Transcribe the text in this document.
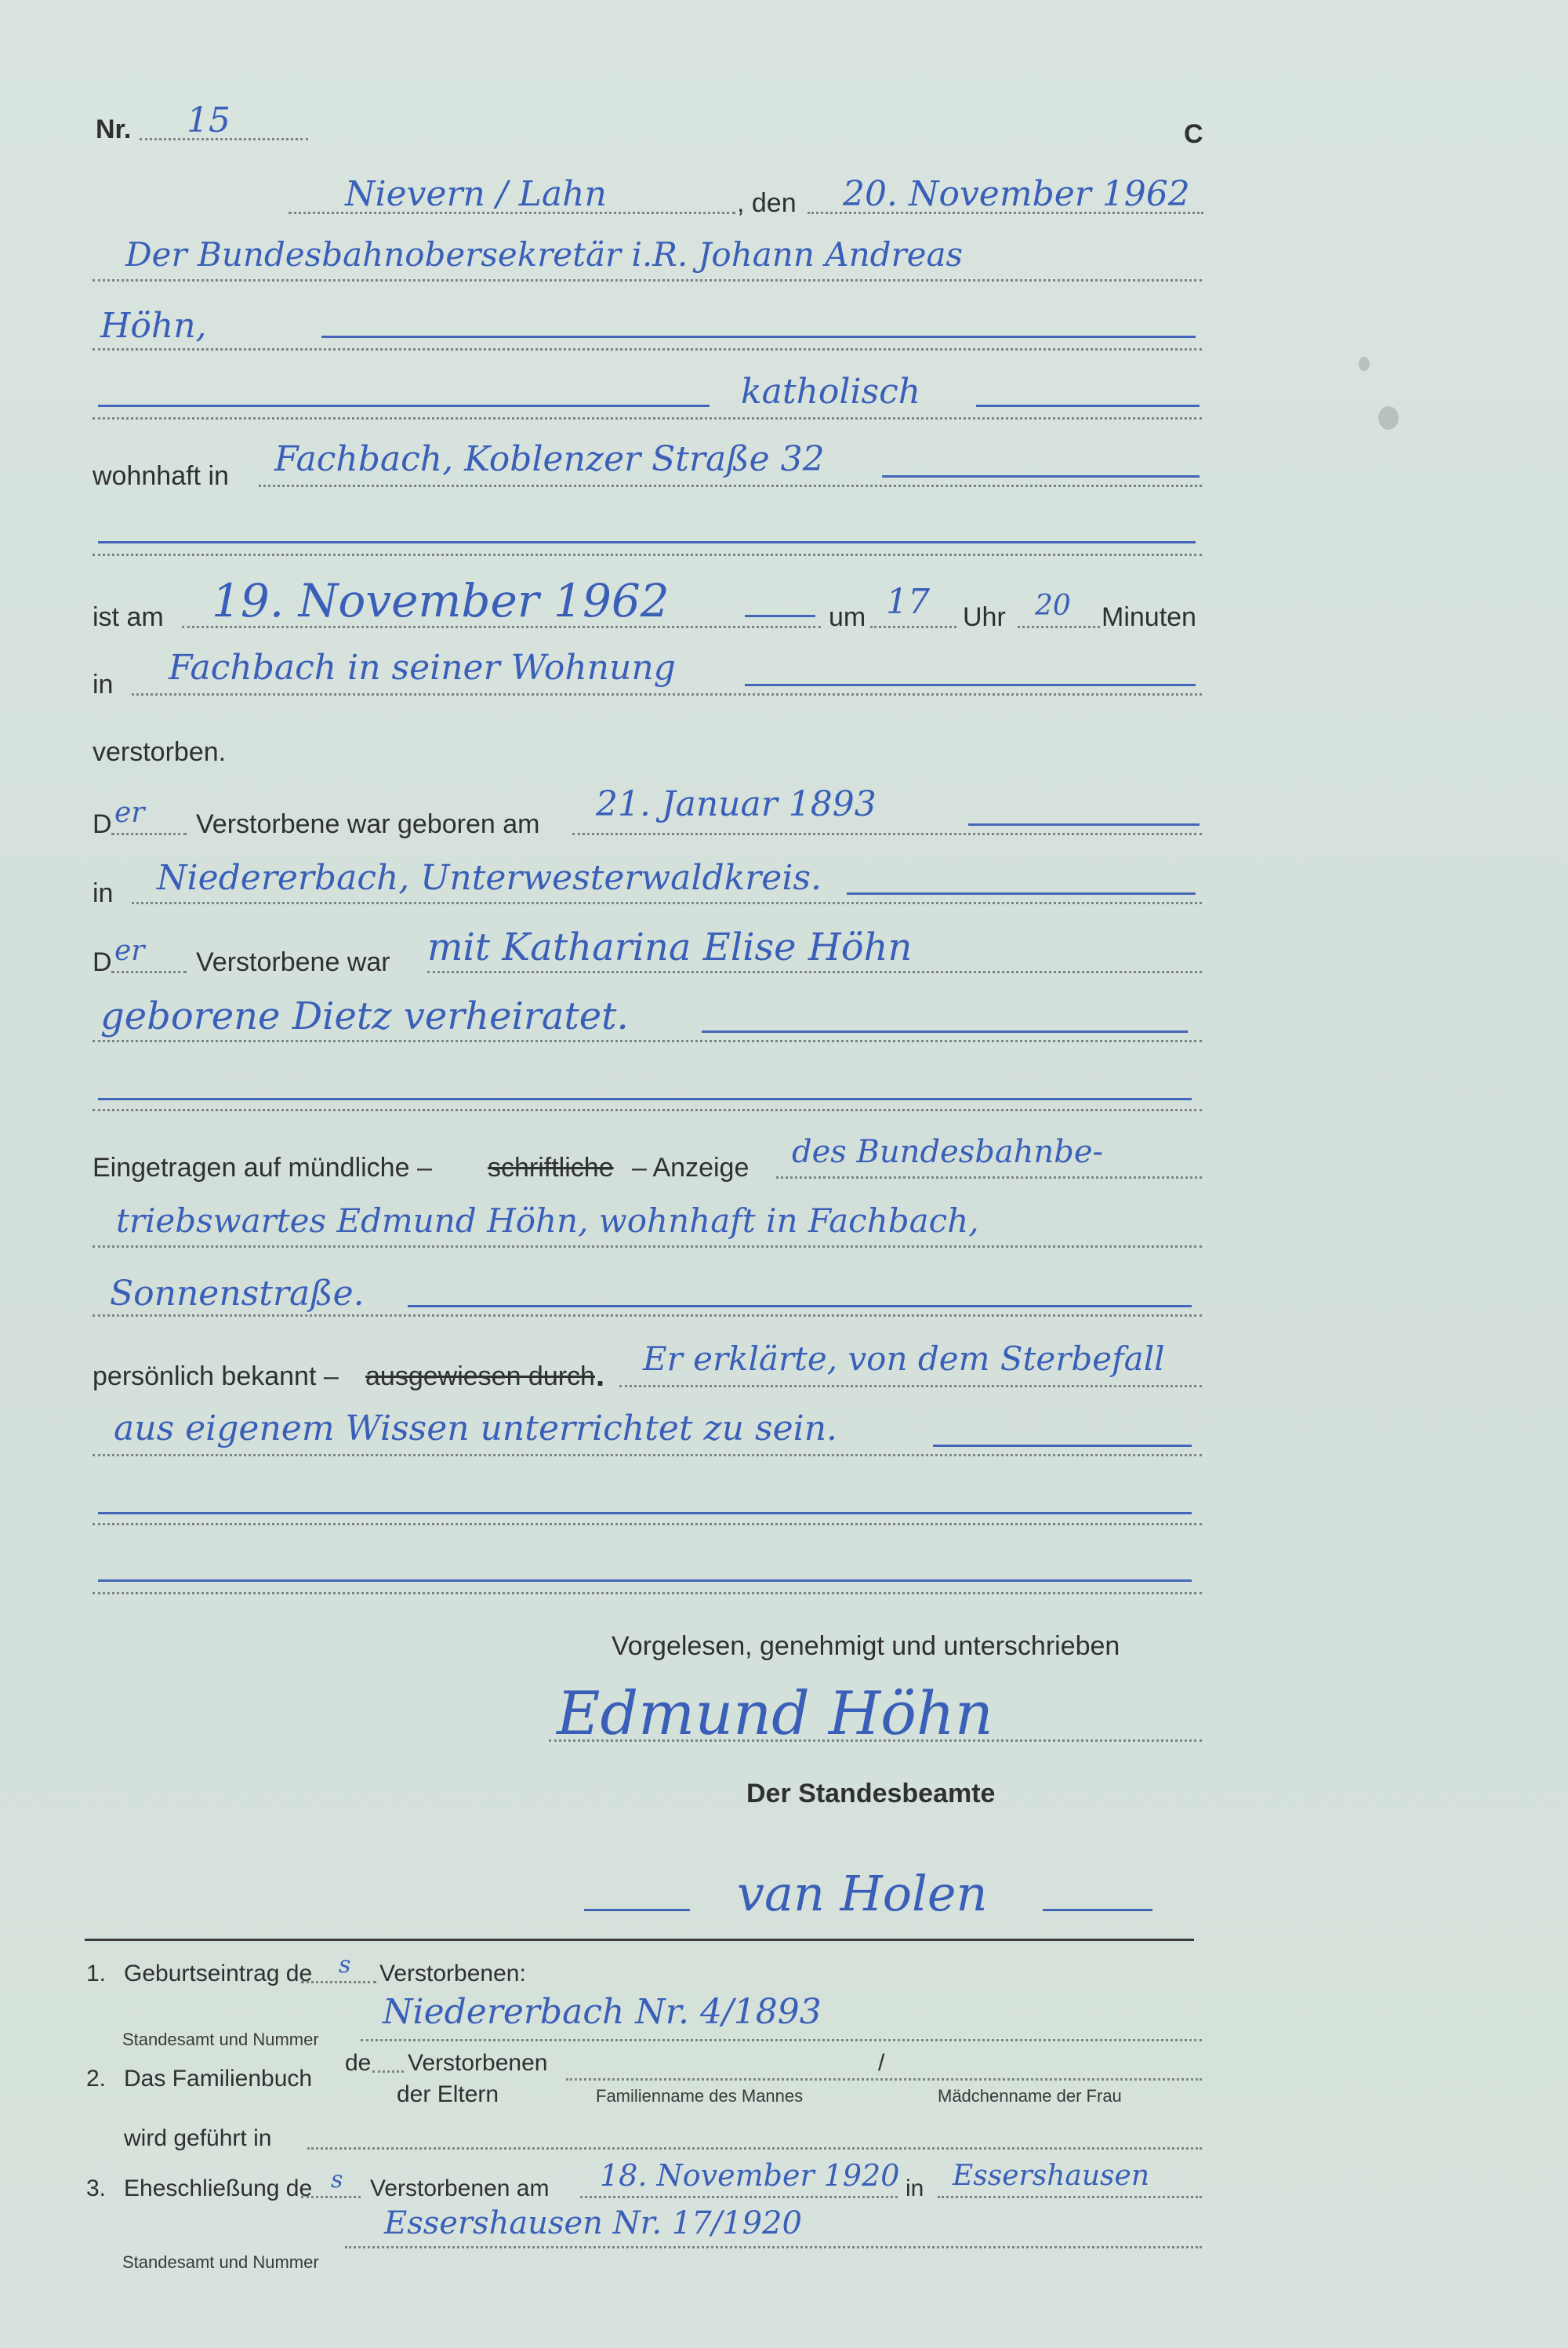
Nr. 15	C
Nievern / Lahn	, den 20. November 1962
Der Bundesbahnobersekretär i.R. Johann Andreas
Höhn,
katholisch
wohnhaft in Fachbach, Koblenzer Straße 32
ist am 19. November 1962	um 17 Uhr 20 Minuten
in Fachbach in seiner Wohnung
verstorben.
D er Verstorbene war geboren am 21. Januar 1893
in Niedererbach, Unterwesterwaldkreis.
D er Verstorbene war mit Katharina Elise Höhn
geborene Dietz verheiratet.
Eingetragen auf mündliche – schriftliche – Anzeige des Bundesbahnbe-
triebswartes Edmund Höhn, wohnhaft in Fachbach,
Sonnenstraße.
persönlich bekannt – ausgewiesen durch . Er erklärte, von dem Sterbefall
aus eigenem Wissen unterrichtet zu sein.
Vorgelesen, genehmigt und unterschrieben
Edmund Höhn
Der Standesbeamte
van Holen
1. Geburtseintrag de s Verstorbenen:
Niedererbach Nr. 4/1893
Standesamt und Nummer
2. Das Familienbuch
de Verstorbenen
der Eltern
/
Familienname des Mannes	Mädchenname der Frau
wird geführt in
3. Eheschließung de s Verstorbenen am 18. November 1920 in Essershausen
Essershausen Nr. 17/1920
Standesamt und Nummer
